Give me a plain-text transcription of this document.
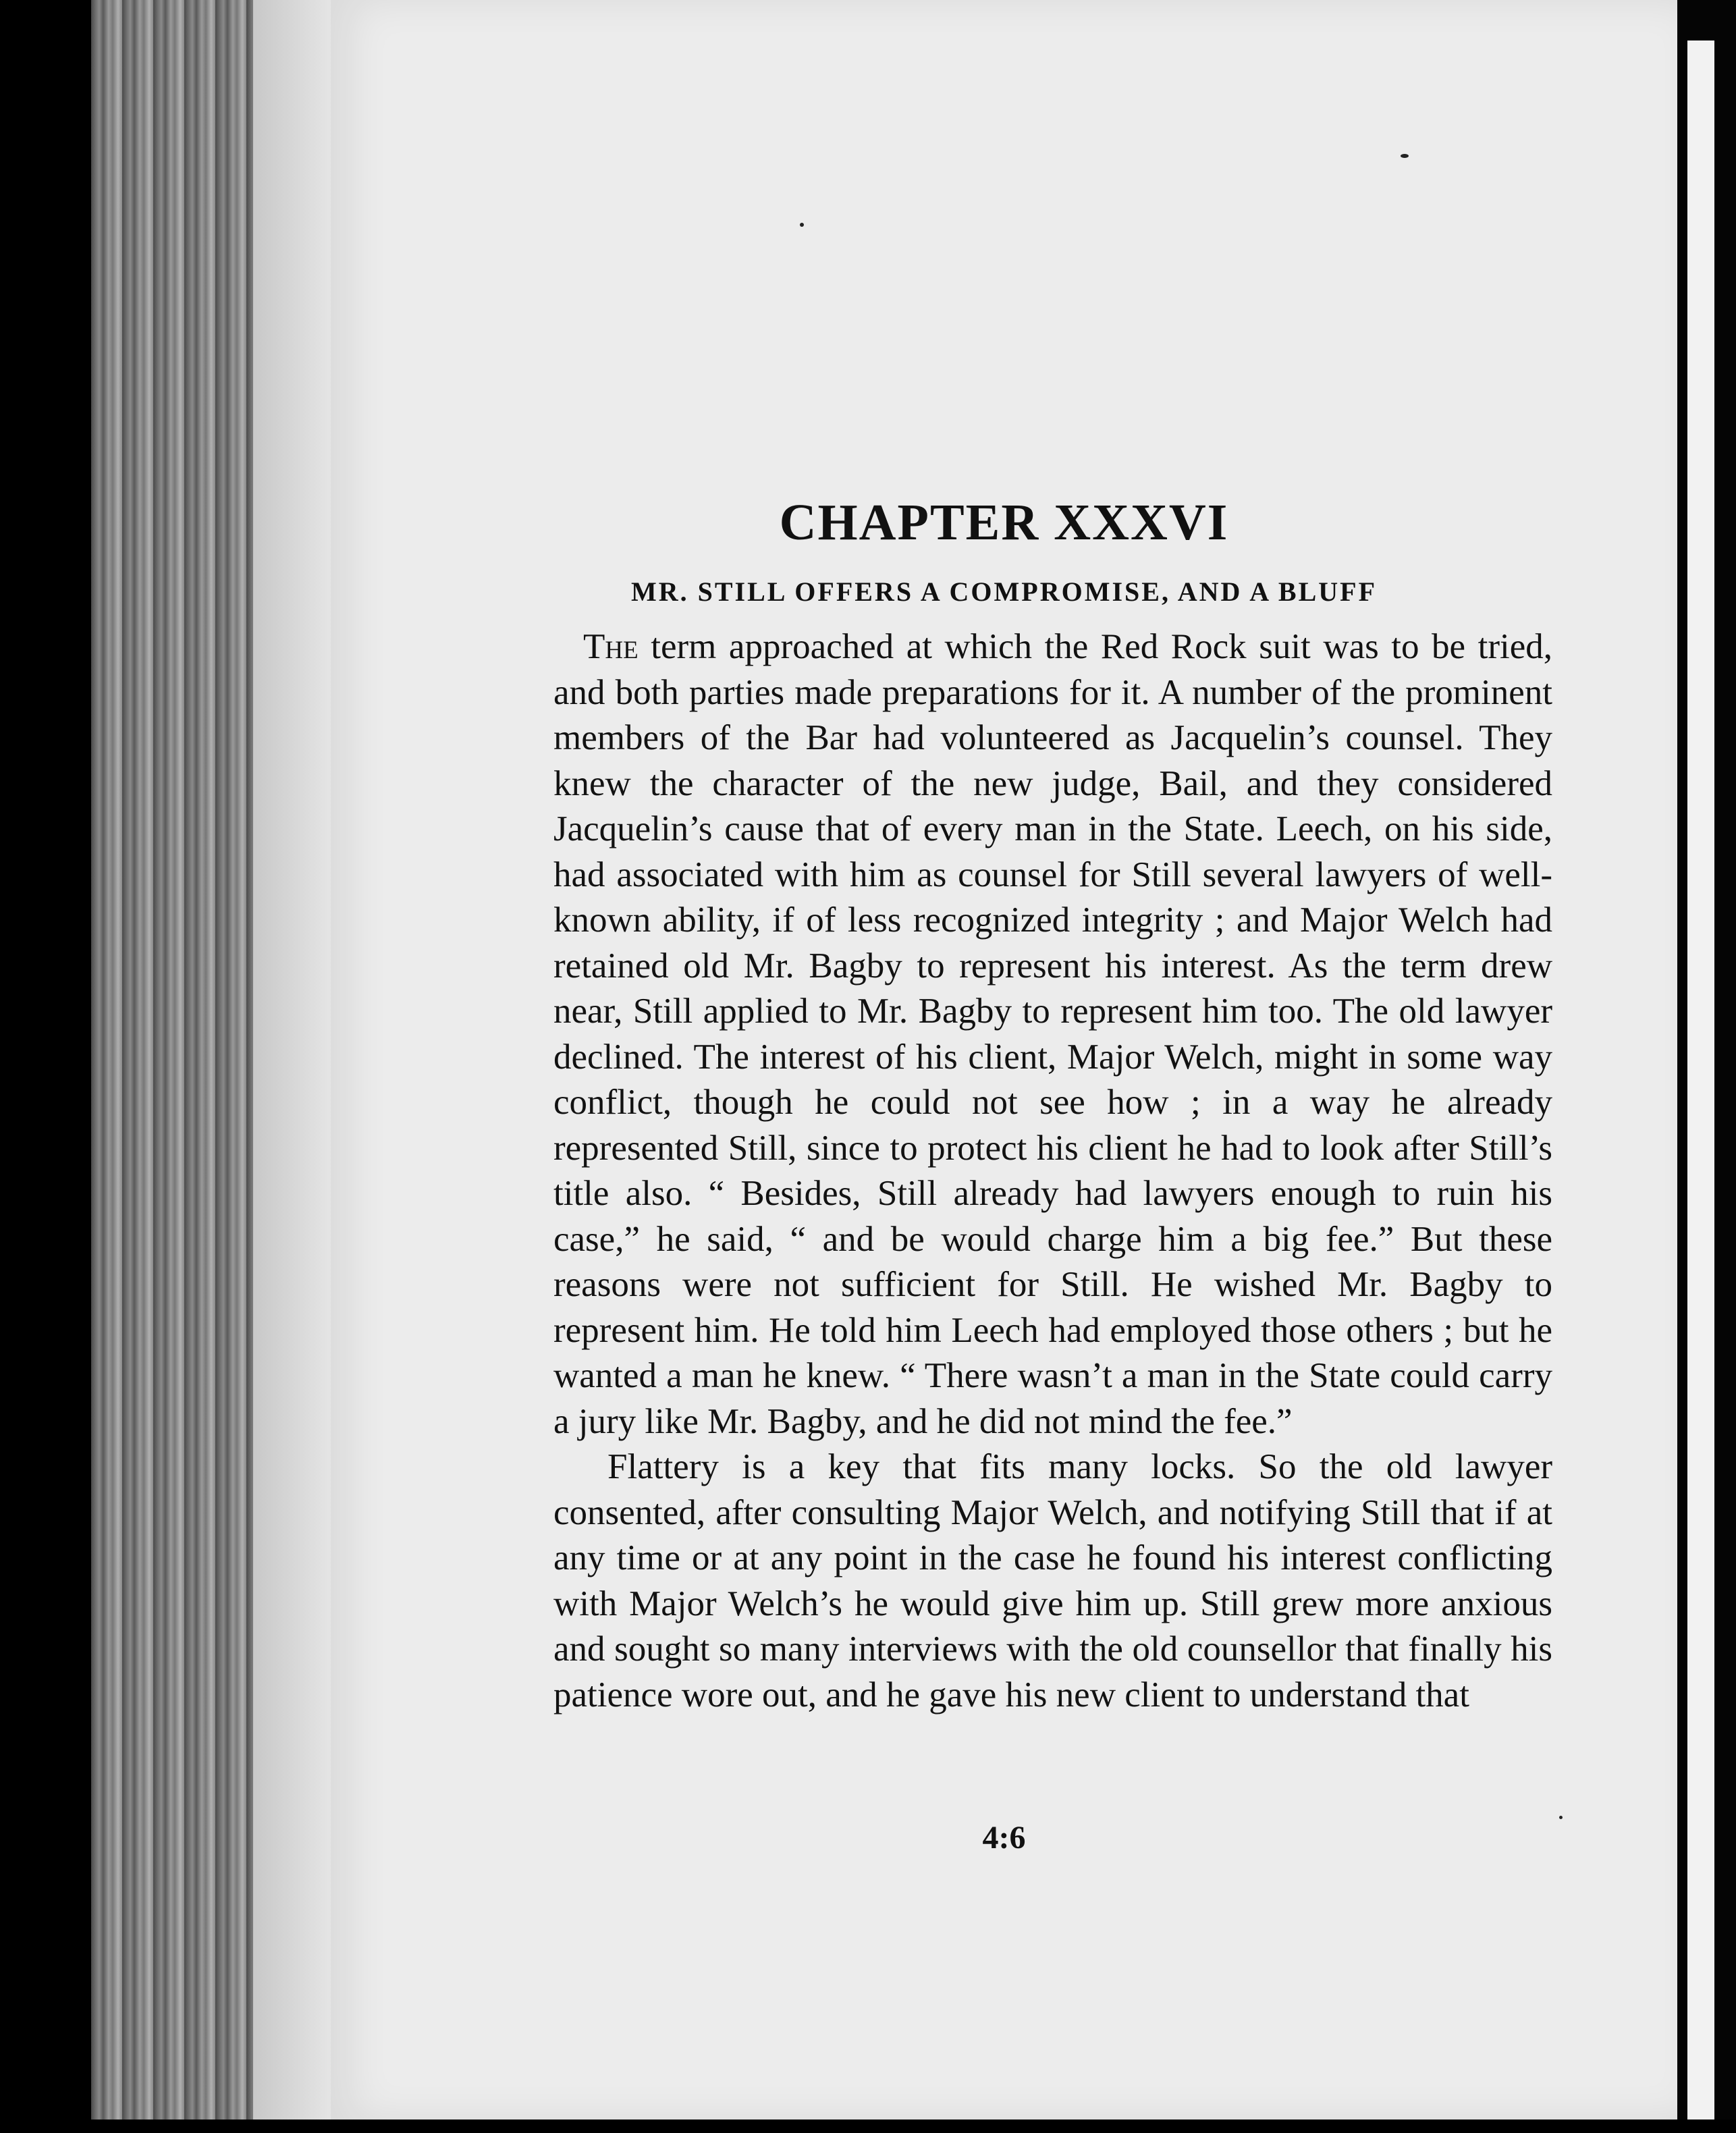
CHAPTER XXXVI
MR. STILL OFFERS A COMPROMISE, AND A BLUFF

The term approached at which the Red Rock suit was to be tried, and both parties made preparations for it. A number of the prominent members of the Bar had volunteered as Jacquelin’s counsel. They knew the character of the new judge, Bail, and they considered Jacquelin’s cause that of every man in the State. Leech, on his side, had associated with him as counsel for Still several lawyers of well-known ability, if of less recognized integrity ; and Major Welch had retained old Mr. Bagby to represent his interest. As the term drew near, Still applied to Mr. Bagby to represent him too. The old lawyer declined. The interest of his client, Major Welch, might in some way conflict, though he could not see how ; in a way he already represented Still, since to protect his client he had to look after Still’s title also. “ Besides, Still already had lawyers enough to ruin his case,” he said, “ and be would charge him a big fee.” But these reasons were not sufficient for Still. He wished Mr. Bagby to represent him. He told him Leech had employed those others ; but he wanted a man he knew. “ There wasn’t a man in the State could carry a jury like Mr. Bagby, and he did not mind the fee.”

Flattery is a key that fits many locks. So the old lawyer consented, after consulting Major Welch, and notifying Still that if at any time or at any point in the case he found his interest conflicting with Major Welch’s he would give him up. Still grew more anxious and sought so many interviews with the old counsellor that finally his patience wore out, and he gave his new client to understand that

4:6
